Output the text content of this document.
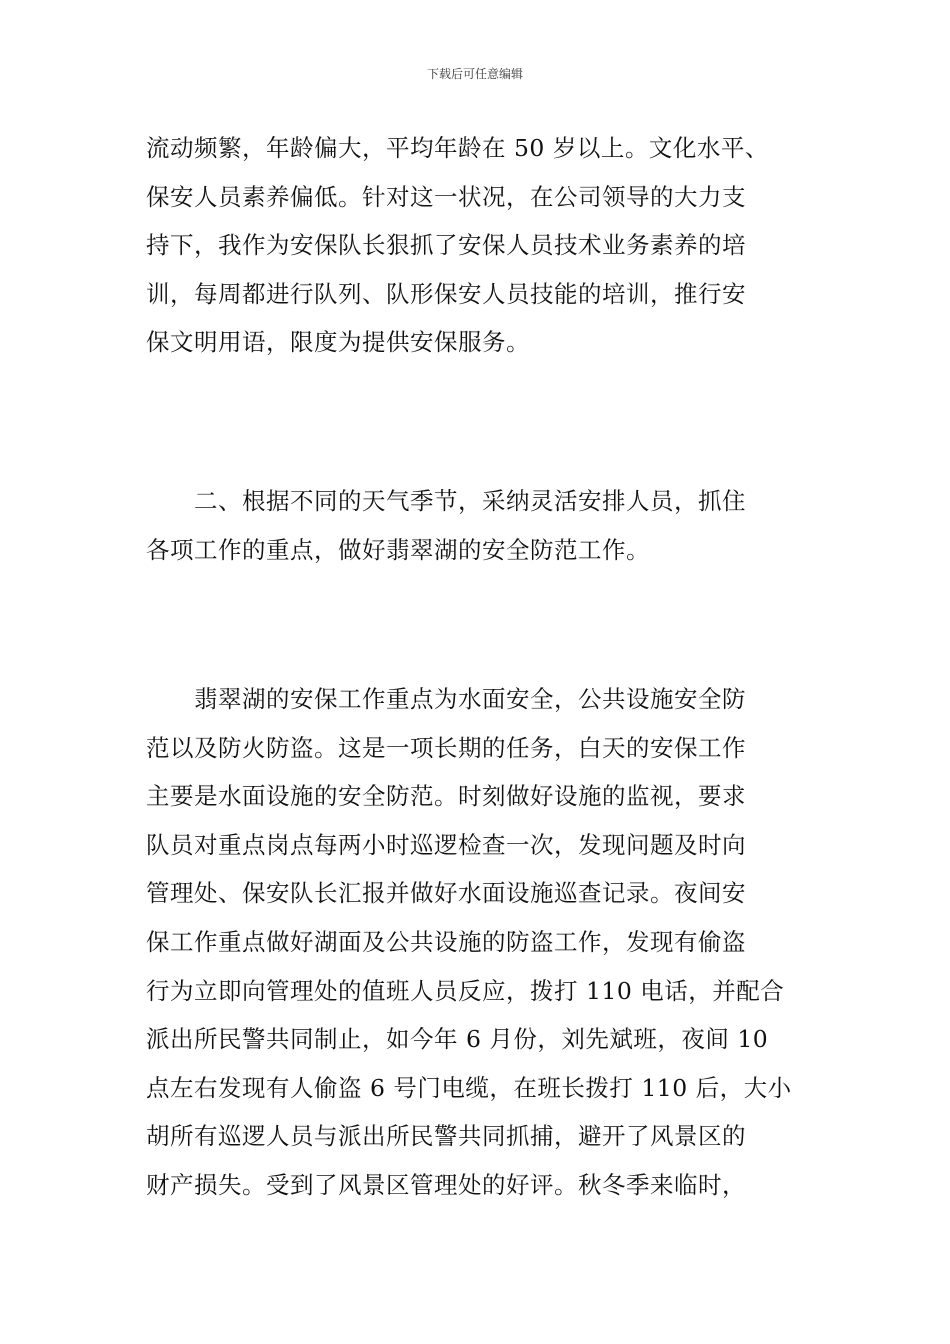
下载后可任意编辑
流动频繁，年龄偏大，平均年龄在 50 岁以上。文化水平、
保安人员素养偏低。针对这一状况，在公司领导的大力支
持下，我作为安保队长狠抓了安保人员技术业务素养的培
训，每周都进行队列、队形保安人员技能的培训，推行安
保文明用语，限度为提供安保服务。
二、根据不同的天气季节，采纳灵活安排人员，抓住
各项工作的重点，做好翡翠湖的安全防范工作。
翡翠湖的安保工作重点为水面安全，公共设施安全防
范以及防火防盗。这是一项长期的任务，白天的安保工作
主要是水面设施的安全防范。时刻做好设施的监视，要求
队员对重点岗点每两小时巡逻检查一次，发现问题及时向
管理处、保安队长汇报并做好水面设施巡查记录。夜间安
保工作重点做好湖面及公共设施的防盗工作，发现有偷盗
行为立即向管理处的值班人员反应，拨打 110 电话，并配合
派出所民警共同制止，如今年 6 月份，刘先斌班，夜间 10
点左右发现有人偷盗 6 号门电缆，在班长拨打 110 后，大小
胡所有巡逻人员与派出所民警共同抓捕，避开了风景区的
财产损失。受到了风景区管理处的好评。秋冬季来临时，
